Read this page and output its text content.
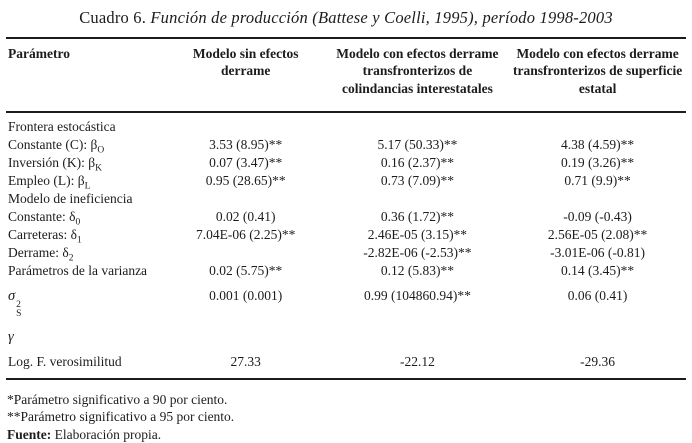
Cuadro 6. Función de producción (Battese y Coelli, 1995), período 1998-2003
Parámetro	Modelo sin efectos derrame	Modelo con efectos derrame transfronterizos de colindancias interestatales	Modelo con efectos derrame transfronterizos de superficie estatal
Frontera estocástica			
Constante (C): $\beta_O$	3.53 (8.95)**	5.17 (50.33)**	4.38 (4.59)**
Inversión (K): $\beta_K$	0.07 (3.47)**	0.16 (2.37)**	0.19 (3.26)**
Empleo (L): $\beta_L$	0.95 (28.65)**	0.73 (7.09)**	0.71 (9.9)**
Modelo de ineficiencia			
Constante: $\delta_0$	0.02 (0.41)	0.36 (1.72)**	-0.09 (-0.43)
Carreteras: $\delta_1$	7.04E-06 (2.25)**	2.46E-05 (3.15)**	2.56E-05 (2.08)**
Derrame: $\delta_2$		-2.82E-06 (-2.53)**	-3.01E-06 (-0.81)
Parámetros de la varianza	0.02 (5.75)**	0.12 (5.83)**	0.14 (3.45)**
σ
2
S	0.001 (0.001)	0.99 (104860.94)**	0.06 (0.41)
γ			
Log. F. verosimilitud	27.33	-22.12	-29.36
*Parámetro significativo a 90 por ciento.
**Parámetro significativo a 95 por ciento.
Fuente: Elaboración propia.
